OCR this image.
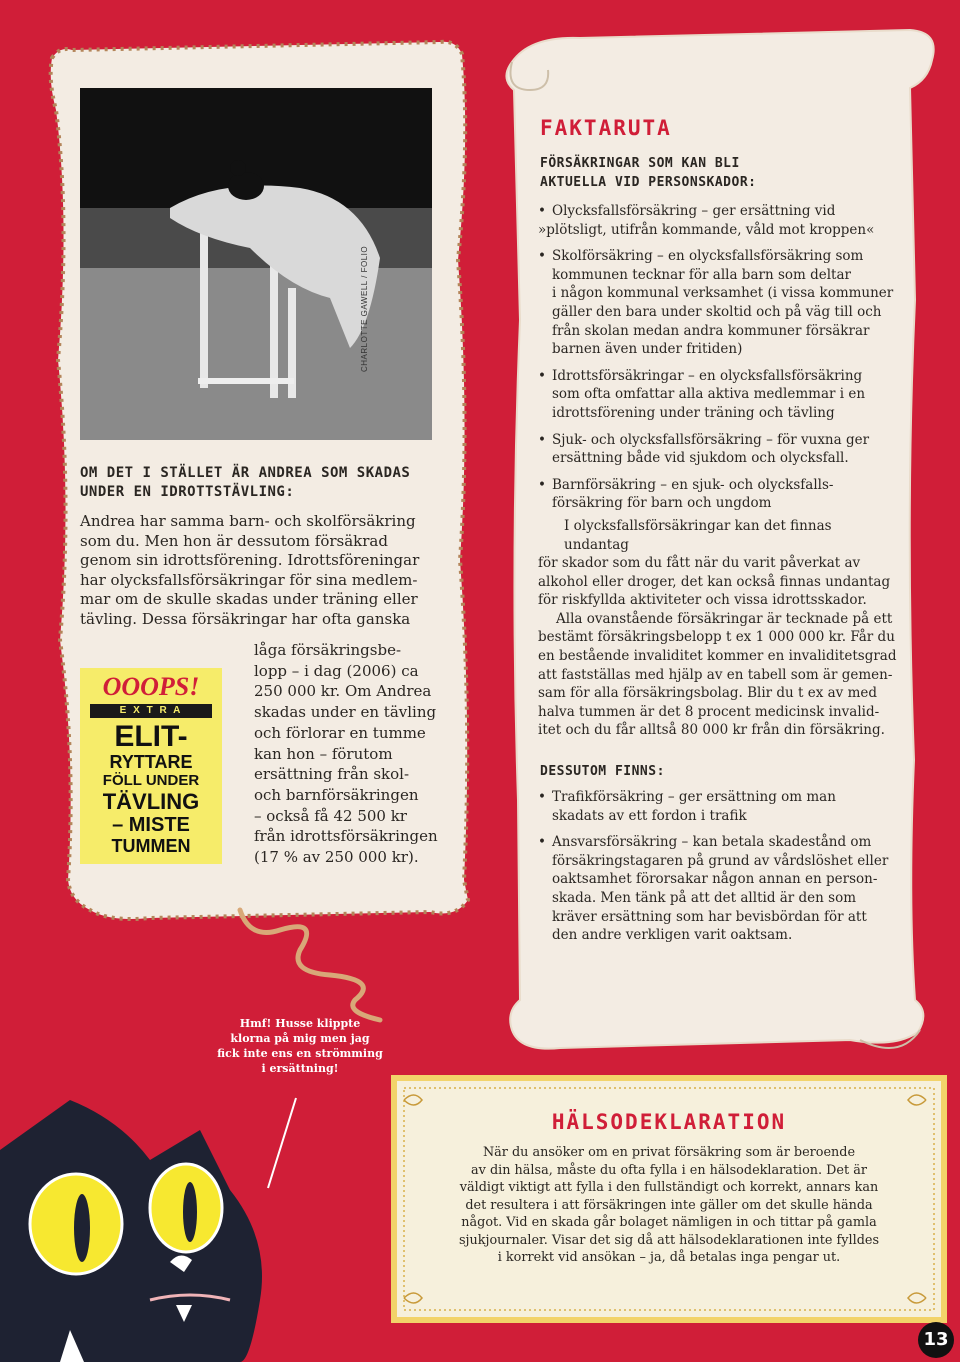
CHARLOTTE GAWELL / FOLIO
OM DET I STÄLLET ÄR ANDREA SOM SKADAS UNDER EN IDROTTSTÄVLING:
Andrea har samma barn- och skolförsäkring
som du. Men hon är dessutom försäkrad
genom sin idrottsförening. Idrottsföreningar
har olycksfallsförsäkringar för sina medlem-
mar om de skulle skadas under träning eller
tävling. Dessa försäkringar har ofta ganska
låga försäkringsbe-
lopp – i dag (2006) ca
250 000 kr. Om Andrea
skadas under en tävling
och förlorar en tumme
kan hon – förutom
ersättning från skol-
och barnförsäkringen
– också få 42 500 kr
från idrottsförsäkringen
(17 % av 250 000 kr).
OOOPS!
E X T R A
ELIT-
RYTTARE
FÖLL UNDER
TÄVLING
– MISTE
TUMMEN
FAKTARUTA
FÖRSÄKRINGAR SOM KAN BLI
AKTUELLA VID PERSONSKADOR:
• Olycksfallsförsäkring – ger ersättning vid
»plötsligt, utifrån kommande, våld mot kroppen«
• Skolförsäkring – en olycksfallsförsäkring som
kommunen tecknar för alla barn som deltar
i någon kommunal verksamhet (i vissa kommuner
gäller den bara under skoltid och på väg till och
från skolan medan andra kommuner försäkrar
barnen även under fritiden)
• Idrottsförsäkringar – en olycksfallsförsäkring
som ofta omfattar alla aktiva medlemmar i en
idrottsförening under träning och tävling
• Sjuk- och olycksfallsförsäkring – för vuxna ger
ersättning både vid sjukdom och olycksfall.
• Barnförsäkring – en sjuk- och olycksfalls-
försäkring för barn och ungdom
I olycksfallsförsäkringar kan det finnas undantag
för skador som du fått när du varit påverkat av
alkohol eller droger, det kan också finnas undantag
för riskfyllda aktiviteter och vissa idrottsskador.
Alla ovanstående försäkringar är tecknade på ett
bestämt försäkringsbelopp t ex 1 000 000 kr. Får du
en bestående invaliditet kommer en invaliditetsgrad
att fastställas med hjälp av en tabell som är gemen-
sam för alla försäkringsbolag. Blir du t ex av med
halva tummen är det 8 procent medicinsk invalid-
itet och du får alltså 80 000 kr från din försäkring.
DESSUTOM FINNS:
• Trafikförsäkring – ger ersättning om man
skadats av ett fordon i trafik
• Ansvarsförsäkring – kan betala skadestånd om
försäkringstagaren på grund av vårdslöshet eller
oaktsamhet förorsakar någon annan en person-
skada. Men tänk på att det alltid är den som
kräver ersättning som har bevisbördan för att
den andre verkligen varit oaktsam.
Hmf! Husse klippte
klorna på mig men jag
fick inte ens en strömming
i ersättning!
HÄLSODEKLARATION
När du ansöker om en privat försäkring som är beroende
av din hälsa, måste du ofta fylla i en hälsodeklaration. Det är
väldigt viktigt att fylla i den fullständigt och korrekt, annars kan
det resultera i att försäkringen inte gäller om det skulle hända
något. Vid en skada går bolaget nämligen in och tittar på gamla
sjukjournaler. Visar det sig då att hälsodeklarationen inte fylldes
i korrekt vid ansökan – ja, då betalas inga pengar ut.
13
